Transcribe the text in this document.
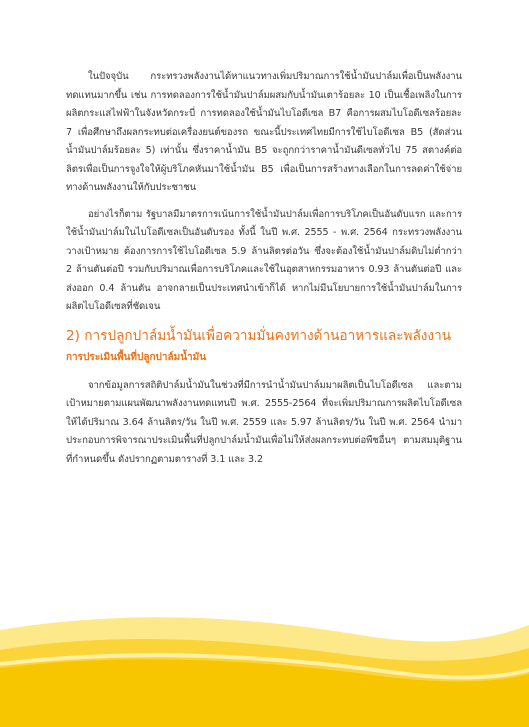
ในปัจจุบัน กระทรวงพลังงานได้หาแนวทางเพิ่มปริมาณการใช้น้ำมันปาล์มเพื่อเป็นพลังงานทดแทนมากขึ้น เช่น การทดลองการใช้น้ำมันปาล์มผสมกับน้ำมันเตาร้อยละ 10 เป็นเชื้อเพลิงในการผลิตกระแสไฟฟ้าในจังหวัดกระบี่ การทดลองใช้น้ำมันไบโอดีเซล B7 คือการผสมไบโอดีเซลร้อยละ 7 เพื่อศึกษาถึงผลกระทบต่อเครื่องยนต์ของรถ ขณะนี้ประเทศไทยมีการใช้ไบโอดีเซล B5 (สัดส่วนน้ำมันปาล์มร้อยละ 5) เท่านั้น ซึ่งราคาน้ำมัน B5 จะถูกกว่าราคาน้ำมันดีเซลทั่วไป 75 สตางค์ต่อลิตรเพื่อเป็นการจูงใจให้ผู้บริโภคหันมาใช้น้ำมัน B5 เพื่อเป็นการสร้างทางเลือกในการลดค่าใช้จ่ายทางด้านพลังงานให้กับประชาชน

อย่างไรก็ตาม รัฐบาลมีมาตรการเน้นการใช้น้ำมันปาล์มเพื่อการบริโภคเป็นอันดับแรก และการใช้น้ำมันปาล์มในไบโอดีเซลเป็นอันดับรอง ทั้งนี้ ในปี พ.ศ. 2555 - พ.ศ. 2564 กระทรวงพลังงานวางเป้าหมาย ต้องการการใช้ไบโอดีเซล 5.9 ล้านลิตรต่อวัน ซึ่งจะต้องใช้น้ำมันปาล์มดิบไม่ต่ำกว่า 2 ล้านตันต่อปี รวมกับปริมาณเพื่อการบริโภคและใช้ในอุตสาหกรรมอาหาร 0.93 ล้านตันต่อปี และส่งออก 0.4 ล้านตัน อาจกลายเป็นประเทศนำเข้าก็ได้ หากไม่มีนโยบายการใช้น้ำมันปาล์มในการผลิตไบโอดีเซลที่ชัดเจน

2) การปลูกปาล์มน้ำมันเพื่อความมั่นคงทางด้านอาหารและพลังงาน
การประเมินพื้นที่ปลูกปาล์มน้ำมัน

จากข้อมูลการสถิติปาล์มน้ำมันในช่วงที่มีการนำน้ำมันปาล์มมาผลิตเป็นไบโอดีเซล และตามเป้าหมายตามแผนพัฒนาพลังงานทดแทนปี พ.ศ. 2555-2564 ที่จะเพิ่มปริมาณการผลิตไบโอดีเซลให้ได้ปริมาณ 3.64 ล้านลิตร/วัน ในปี พ.ศ. 2559 และ 5.97 ล้านลิตร/วัน ในปี พ.ศ. 2564 นำมาประกอบการพิจารณาประเมินพื้นที่ปลูกปาล์มน้ำมันเพื่อไม่ให้ส่งผลกระทบต่อพืชอื่นๆ ตามสมมุติฐานที่กำหนดขึ้น ดังปรากฏตามตารางที่ 3.1 และ 3.2
